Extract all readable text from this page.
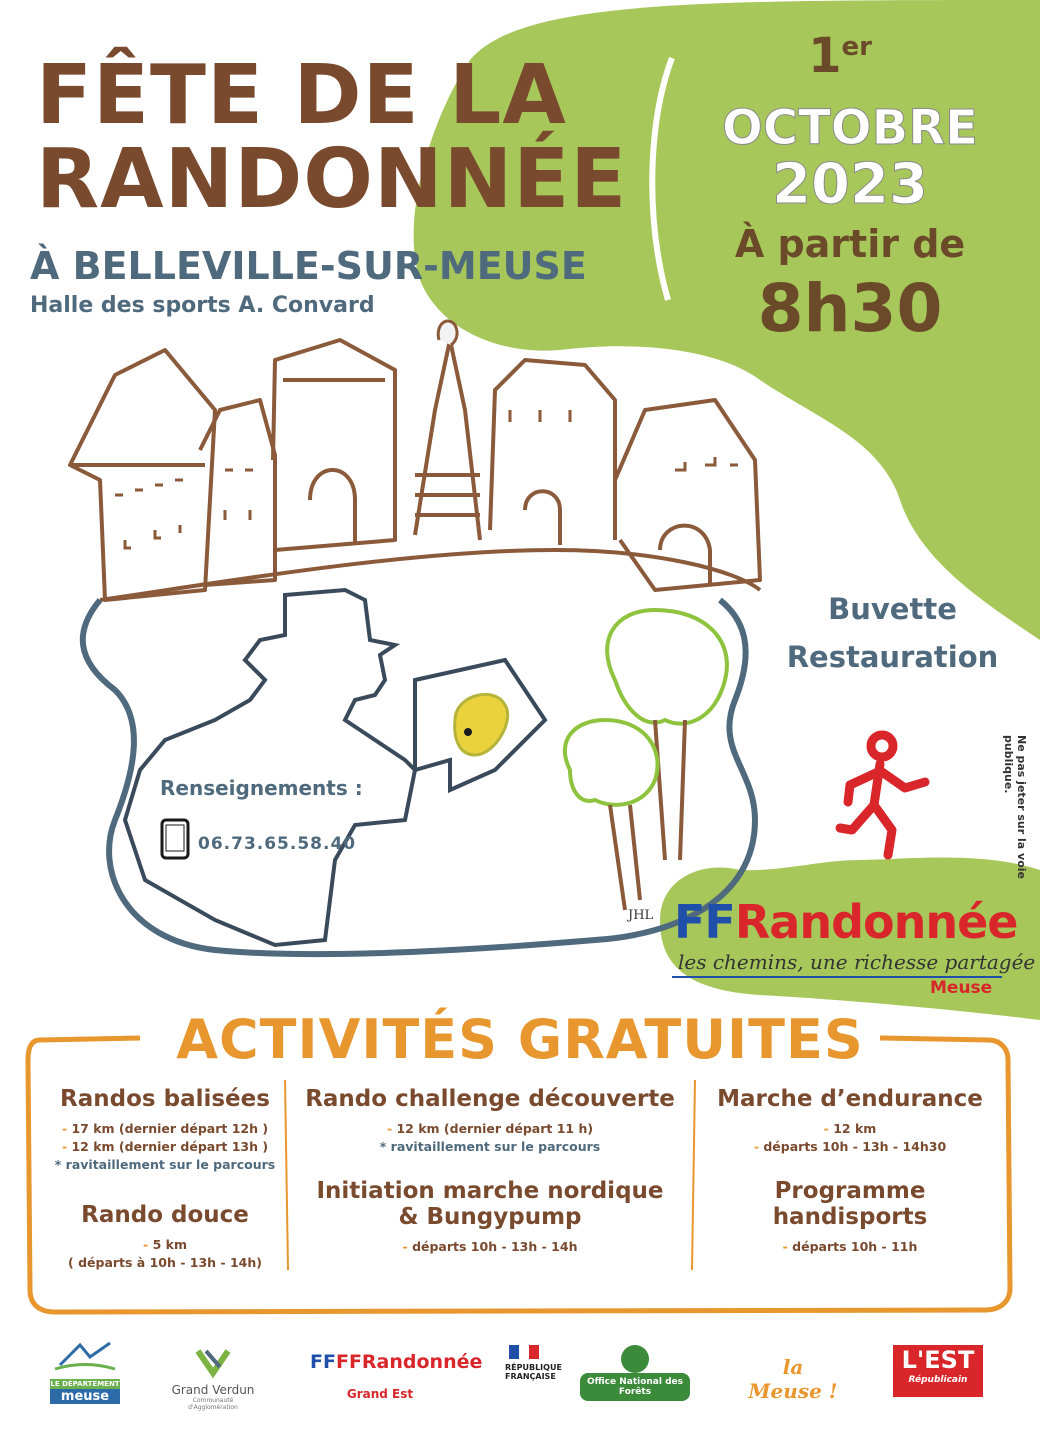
FÊTE DE LA
RANDONNÉE
À BELLEVILLE-SUR-MEUSE
Halle des sports A. Convard
1er
OCTOBRE
2023
À partir de
8h30
Buvette
Restauration
Renseignements :
06.73.65.58.40
JHL
Ne pas jeter sur la voie publique.
FFRandonnée
les chemins, une richesse partagée
Meuse
ACTIVITÉS GRATUITES
Randos balisées
- 17 km (dernier départ 12h )
- 12 km (dernier départ 13h )
* ravitaillement sur le parcours
Rando douce
- 5 km
( départs à 10h - 13h - 14h)
Rando challenge découverte
- 12 km (dernier départ 11 h)
* ravitaillement sur le parcours
Initiation marche nordique & Bungypump
- départs 10h - 13h - 14h
Marche d’endurance
- 12 km
- départs 10h - 13h - 14h30
Programme handisports
- départs 10h - 11h
LE DÉPARTEMENT
meuse	Grand Verdun
Communauté d'Agglomération
FFFFRandonnée
Grand Est
RÉPUBLIQUE
FRANÇAISE
Office National des Forêts
la Meuse !
L'EST
Républicain
